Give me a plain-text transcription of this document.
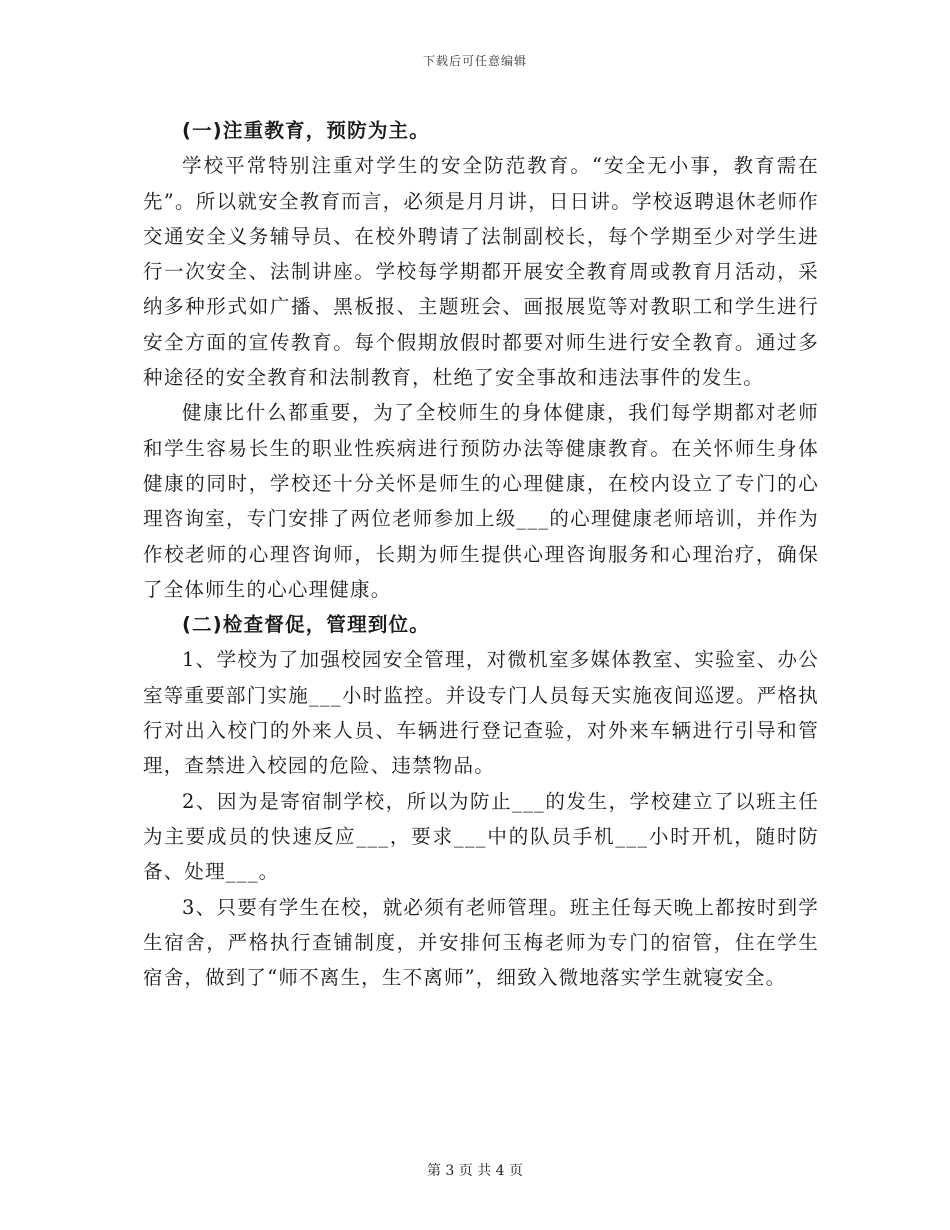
下载后可任意编辑

(一)注重教育，预防为主。

学校平常特别注重对学生的安全防范教育。“安全无小事，教育需在先”。所以就安全教育而言，必须是月月讲，日日讲。学校返聘退休老师作交通安全义务辅导员、在校外聘请了法制副校长，每个学期至少对学生进行一次安全、法制讲座。学校每学期都开展安全教育周或教育月活动，采纳多种形式如广播、黑板报、主题班会、画报展览等对教职工和学生进行安全方面的宣传教育。每个假期放假时都要对师生进行安全教育。通过多种途径的安全教育和法制教育，杜绝了安全事故和违法事件的发生。

健康比什么都重要，为了全校师生的身体健康，我们每学期都对老师和学生容易长生的职业性疾病进行预防办法等健康教育。在关怀师生身体健康的同时，学校还十分关怀是师生的心理健康，在校内设立了专门的心理咨询室，专门安排了两位老师参加上级___的心理健康老师培训，并作为作校老师的心理咨询师，长期为师生提供心理咨询服务和心理治疗，确保了全体师生的心心理健康。

(二)检查督促，管理到位。

1、学校为了加强校园安全管理，对微机室多媒体教室、实验室、办公室等重要部门实施___小时监控。并设专门人员每天实施夜间巡逻。严格执行对出入校门的外来人员、车辆进行登记查验，对外来车辆进行引导和管理，查禁进入校园的危险、违禁物品。

2、因为是寄宿制学校，所以为防止___的发生，学校建立了以班主任为主要成员的快速反应___，要求___中的队员手机___小时开机，随时防备、处理___。

3、只要有学生在校，就必须有老师管理。班主任每天晚上都按时到学生宿舍，严格执行查铺制度，并安排何玉梅老师为专门的宿管，住在学生宿舍，做到了“师不离生，生不离师”，细致入微地落实学生就寝安全。

第 3 页 共 4 页
